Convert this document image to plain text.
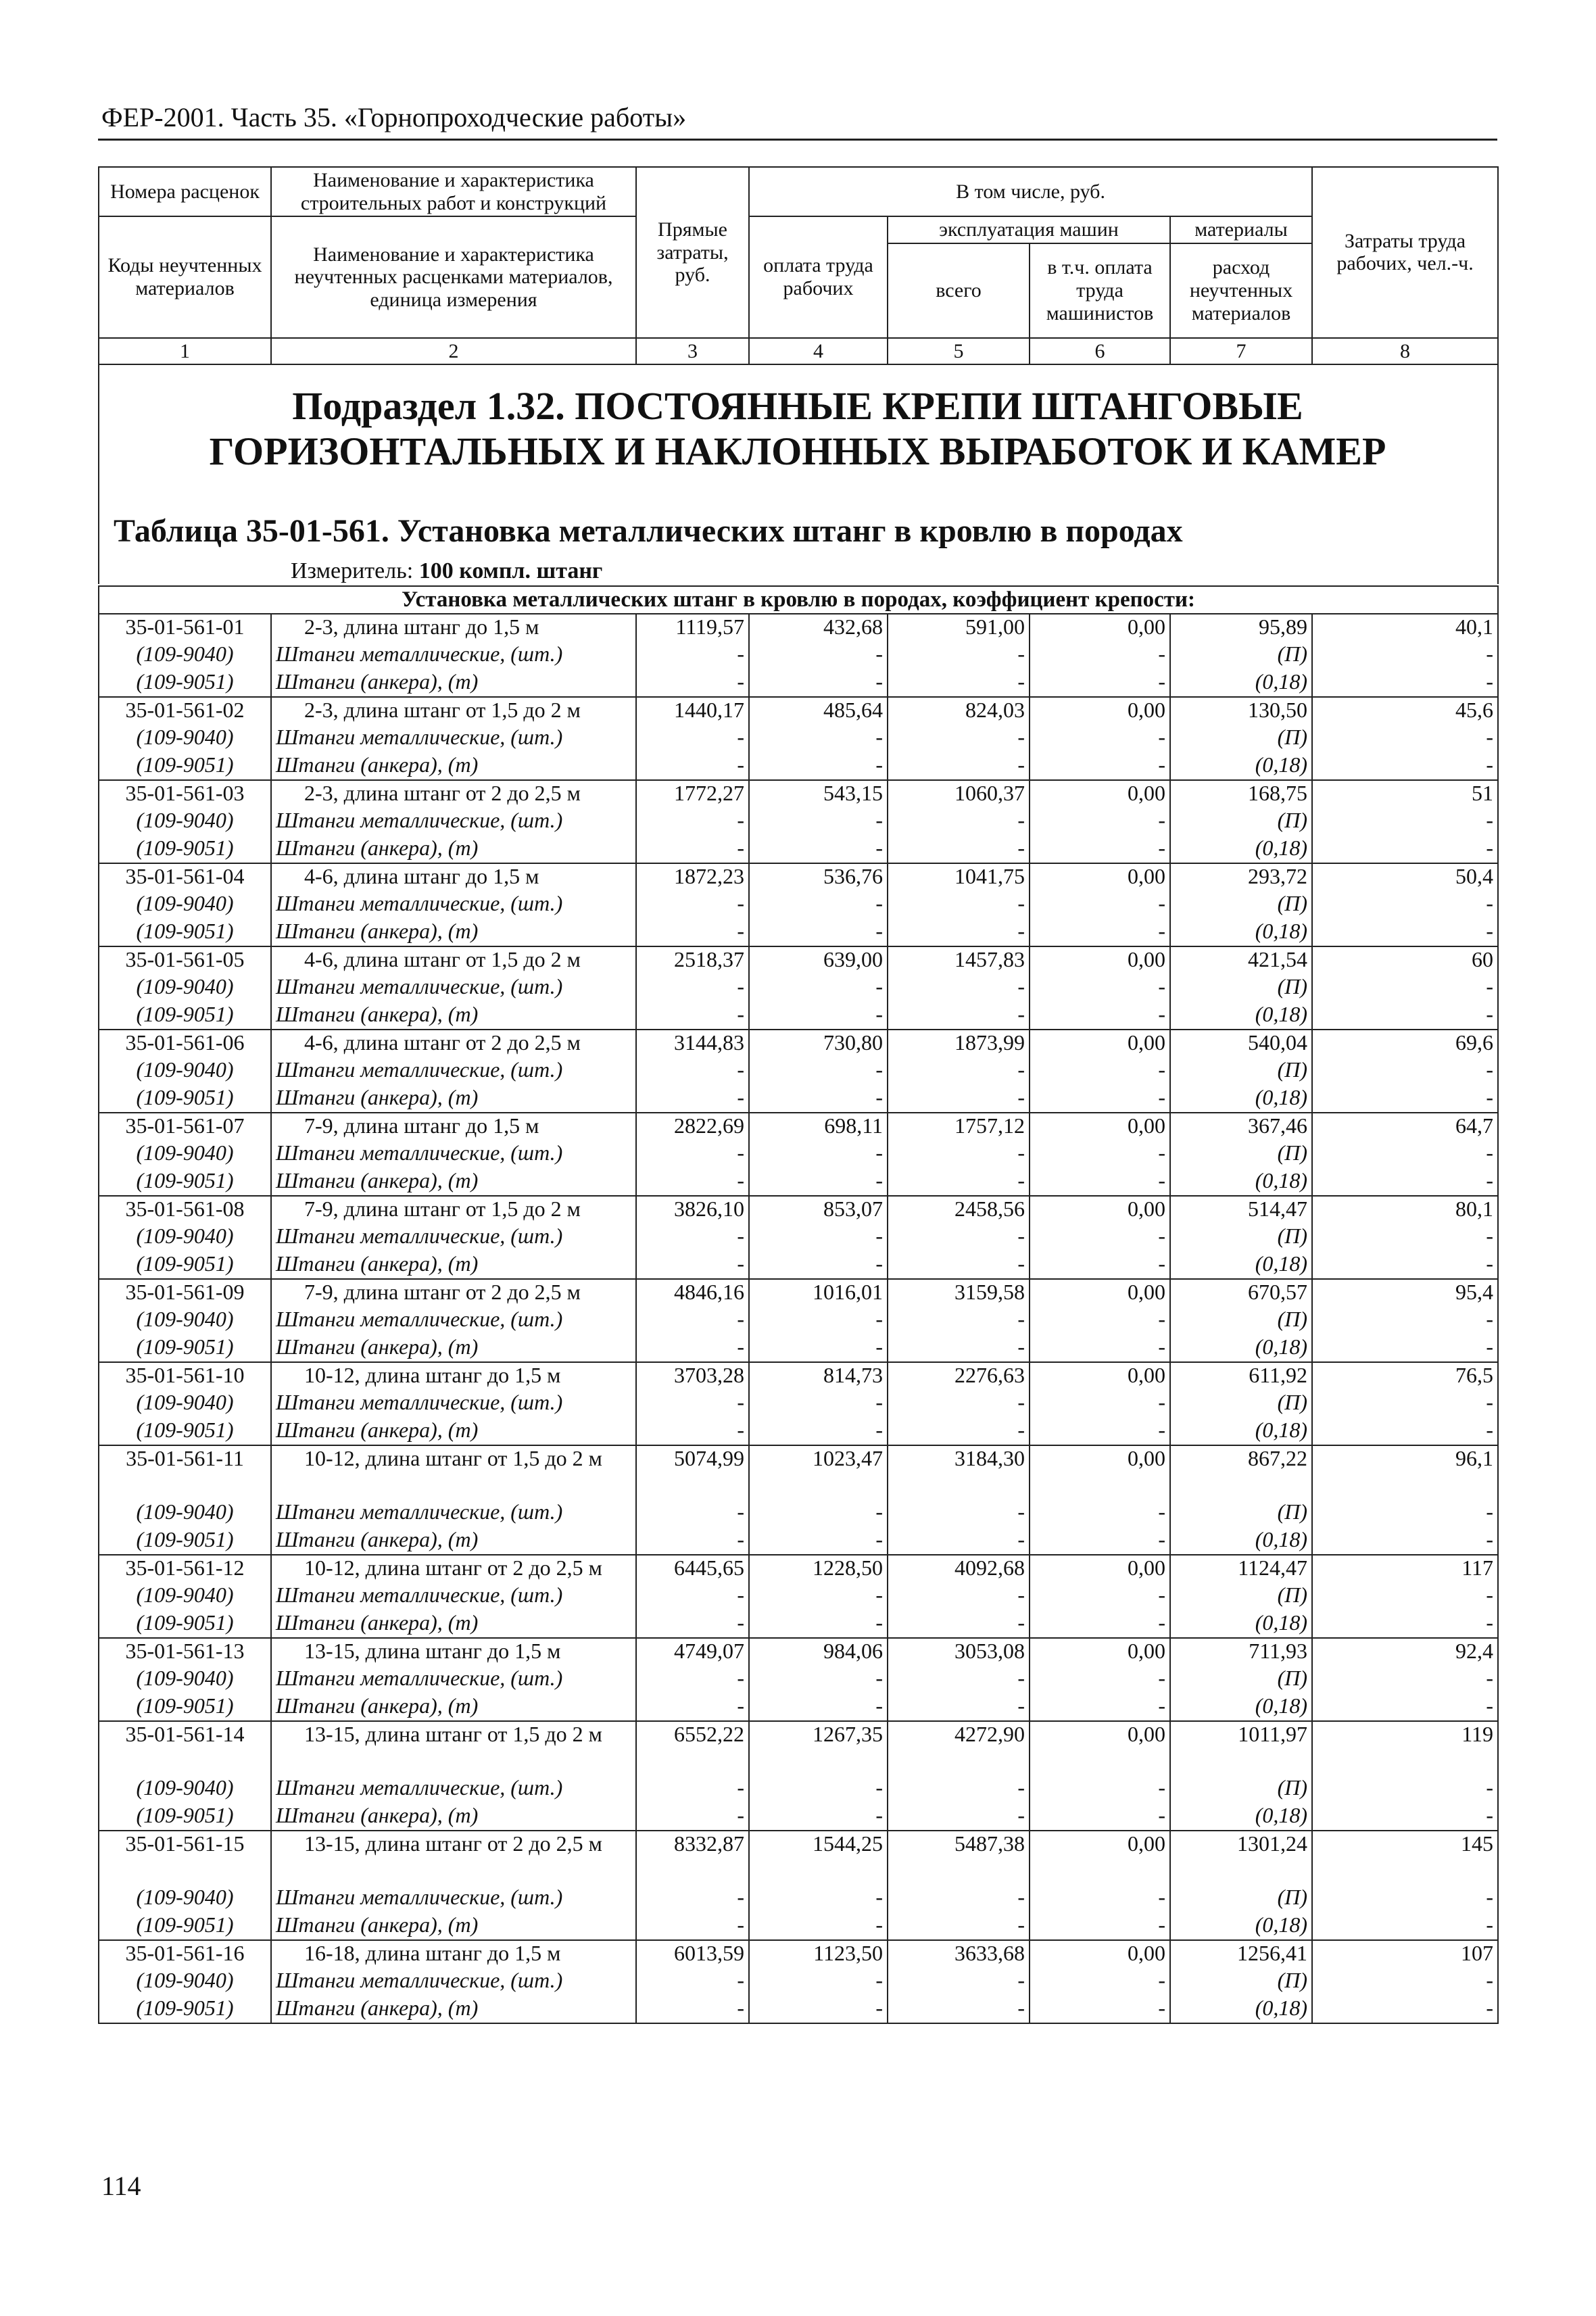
ФЕР-2001. Часть 35. «Горнопроходческие работы»
Номера расценок	Наименование и характеристика строительных работ и конструкций	Прямые затраты, руб.	В том числе, руб.				Затраты труда рабочих, чел.-ч.
Коды неучтенных материалов	Наименование и характеристика неучтенных расценками материалов, единица измерения		оплата труда рабочих	эксплуатация машин		материалы	
				всего	в т.ч. оплата труда машинистов	расход неучтенных материалов	
1	2	3	4	5	6	7	8
Подраздел 1.32. ПОСТОЯННЫЕ КРЕПИ ШТАНГОВЫЕ ГОРИЗОНТАЛЬНЫХ И НАКЛОННЫХ ВЫРАБОТОК И КАМЕР
Таблица 35-01-561. Установка металлических штанг в кровлю в породах
Измеритель: 100 компл. штанг
Установка металлических штанг в кровлю в породах, коэффициент крепости:							
35-01-561-01	2-3, длина штанг до 1,5 м	1119,57	432,68	591,00	0,00	95,89	40,1
(109-9040)	Штанги металлические, (шт.)	-	-	-	-	(П)	-
(109-9051)	Штанги (анкера), (т)	-	-	-	-	(0,18)	-
35-01-561-02	2-3, длина штанг от 1,5 до 2 м	1440,17	485,64	824,03	0,00	130,50	45,6
(109-9040)	Штанги металлические, (шт.)	-	-	-	-	(П)	-
(109-9051)	Штанги (анкера), (т)	-	-	-	-	(0,18)	-
35-01-561-03	2-3, длина штанг от 2 до 2,5 м	1772,27	543,15	1060,37	0,00	168,75	51
(109-9040)	Штанги металлические, (шт.)	-	-	-	-	(П)	-
(109-9051)	Штанги (анкера), (т)	-	-	-	-	(0,18)	-
35-01-561-04	4-6, длина штанг до 1,5 м	1872,23	536,76	1041,75	0,00	293,72	50,4
(109-9040)	Штанги металлические, (шт.)	-	-	-	-	(П)	-
(109-9051)	Штанги (анкера), (т)	-	-	-	-	(0,18)	-
35-01-561-05	4-6, длина штанг от 1,5 до 2 м	2518,37	639,00	1457,83	0,00	421,54	60
(109-9040)	Штанги металлические, (шт.)	-	-	-	-	(П)	-
(109-9051)	Штанги (анкера), (т)	-	-	-	-	(0,18)	-
35-01-561-06	4-6, длина штанг от 2 до 2,5 м	3144,83	730,80	1873,99	0,00	540,04	69,6
(109-9040)	Штанги металлические, (шт.)	-	-	-	-	(П)	-
(109-9051)	Штанги (анкера), (т)	-	-	-	-	(0,18)	-
35-01-561-07	7-9, длина штанг до 1,5 м	2822,69	698,11	1757,12	0,00	367,46	64,7
(109-9040)	Штанги металлические, (шт.)	-	-	-	-	(П)	-
(109-9051)	Штанги (анкера), (т)	-	-	-	-	(0,18)	-
35-01-561-08	7-9, длина штанг от 1,5 до 2 м	3826,10	853,07	2458,56	0,00	514,47	80,1
(109-9040)	Штанги металлические, (шт.)	-	-	-	-	(П)	-
(109-9051)	Штанги (анкера), (т)	-	-	-	-	(0,18)	-
35-01-561-09	7-9, длина штанг от 2 до 2,5 м	4846,16	1016,01	3159,58	0,00	670,57	95,4
(109-9040)	Штанги металлические, (шт.)	-	-	-	-	(П)	-
(109-9051)	Штанги (анкера), (т)	-	-	-	-	(0,18)	-
35-01-561-10	10-12, длина штанг до 1,5 м	3703,28	814,73	2276,63	0,00	611,92	76,5
(109-9040)	Штанги металлические, (шт.)	-	-	-	-	(П)	-
(109-9051)	Штанги (анкера), (т)	-	-	-	-	(0,18)	-
35-01-561-11	10-12, длина штанг от 1,5 до 2 м	5074,99	1023,47	3184,30	0,00	867,22	96,1
(109-9040)	Штанги металлические, (шт.)	-	-	-	-	(П)	-
(109-9051)	Штанги (анкера), (т)	-	-	-	-	(0,18)	-
35-01-561-12	10-12, длина штанг от 2 до 2,5 м	6445,65	1228,50	4092,68	0,00	1124,47	117
(109-9040)	Штанги металлические, (шт.)	-	-	-	-	(П)	-
(109-9051)	Штанги (анкера), (т)	-	-	-	-	(0,18)	-
35-01-561-13	13-15, длина штанг до 1,5 м	4749,07	984,06	3053,08	0,00	711,93	92,4
(109-9040)	Штанги металлические, (шт.)	-	-	-	-	(П)	-
(109-9051)	Штанги (анкера), (т)	-	-	-	-	(0,18)	-
35-01-561-14	13-15, длина штанг от 1,5 до 2 м	6552,22	1267,35	4272,90	0,00	1011,97	119
(109-9040)	Штанги металлические, (шт.)	-	-	-	-	(П)	-
(109-9051)	Штанги (анкера), (т)	-	-	-	-	(0,18)	-
35-01-561-15	13-15, длина штанг от 2 до 2,5 м	8332,87	1544,25	5487,38	0,00	1301,24	145
(109-9040)	Штанги металлические, (шт.)	-	-	-	-	(П)	-
(109-9051)	Штанги (анкера), (т)	-	-	-	-	(0,18)	-
35-01-561-16	16-18, длина штанг до 1,5 м	6013,59	1123,50	3633,68	0,00	1256,41	107
(109-9040)	Штанги металлические, (шт.)	-	-	-	-	(П)	-
(109-9051)	Штанги (анкера), (т)	-	-	-	-	(0,18)	-
114
